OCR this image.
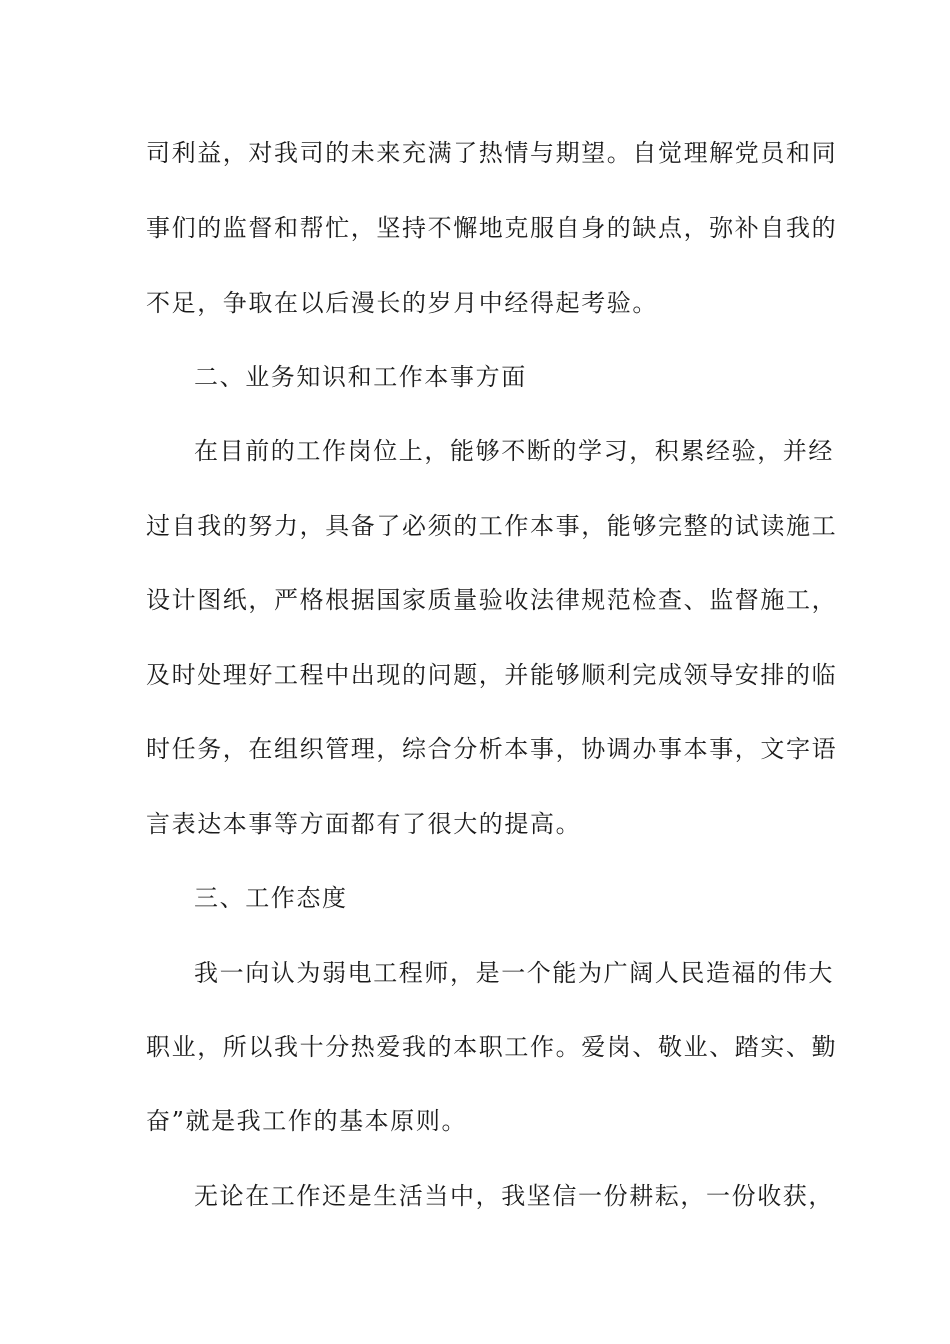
司利益，对我司的未来充满了热情与期望。自觉理解党员和同
事们的监督和帮忙，坚持不懈地克服自身的缺点，弥补自我的
不足，争取在以后漫长的岁月中经得起考验。
二、业务知识和工作本事方面
在目前的工作岗位上，能够不断的学习，积累经验，并经
过自我的努力，具备了必须的工作本事，能够完整的试读施工
设计图纸，严格根据国家质量验收法律规范检查、监督施工，
及时处理好工程中出现的问题，并能够顺利完成领导安排的临
时任务，在组织管理，综合分析本事，协调办事本事，文字语
言表达本事等方面都有了很大的提高。
三、工作态度
我一向认为弱电工程师，是一个能为广阔人民造福的伟大
职业，所以我十分热爱我的本职工作。爱岗、敬业、踏实、勤
奋”就是我工作的基本原则。
无论在工作还是生活当中，我坚信一份耕耘，一份收获，
